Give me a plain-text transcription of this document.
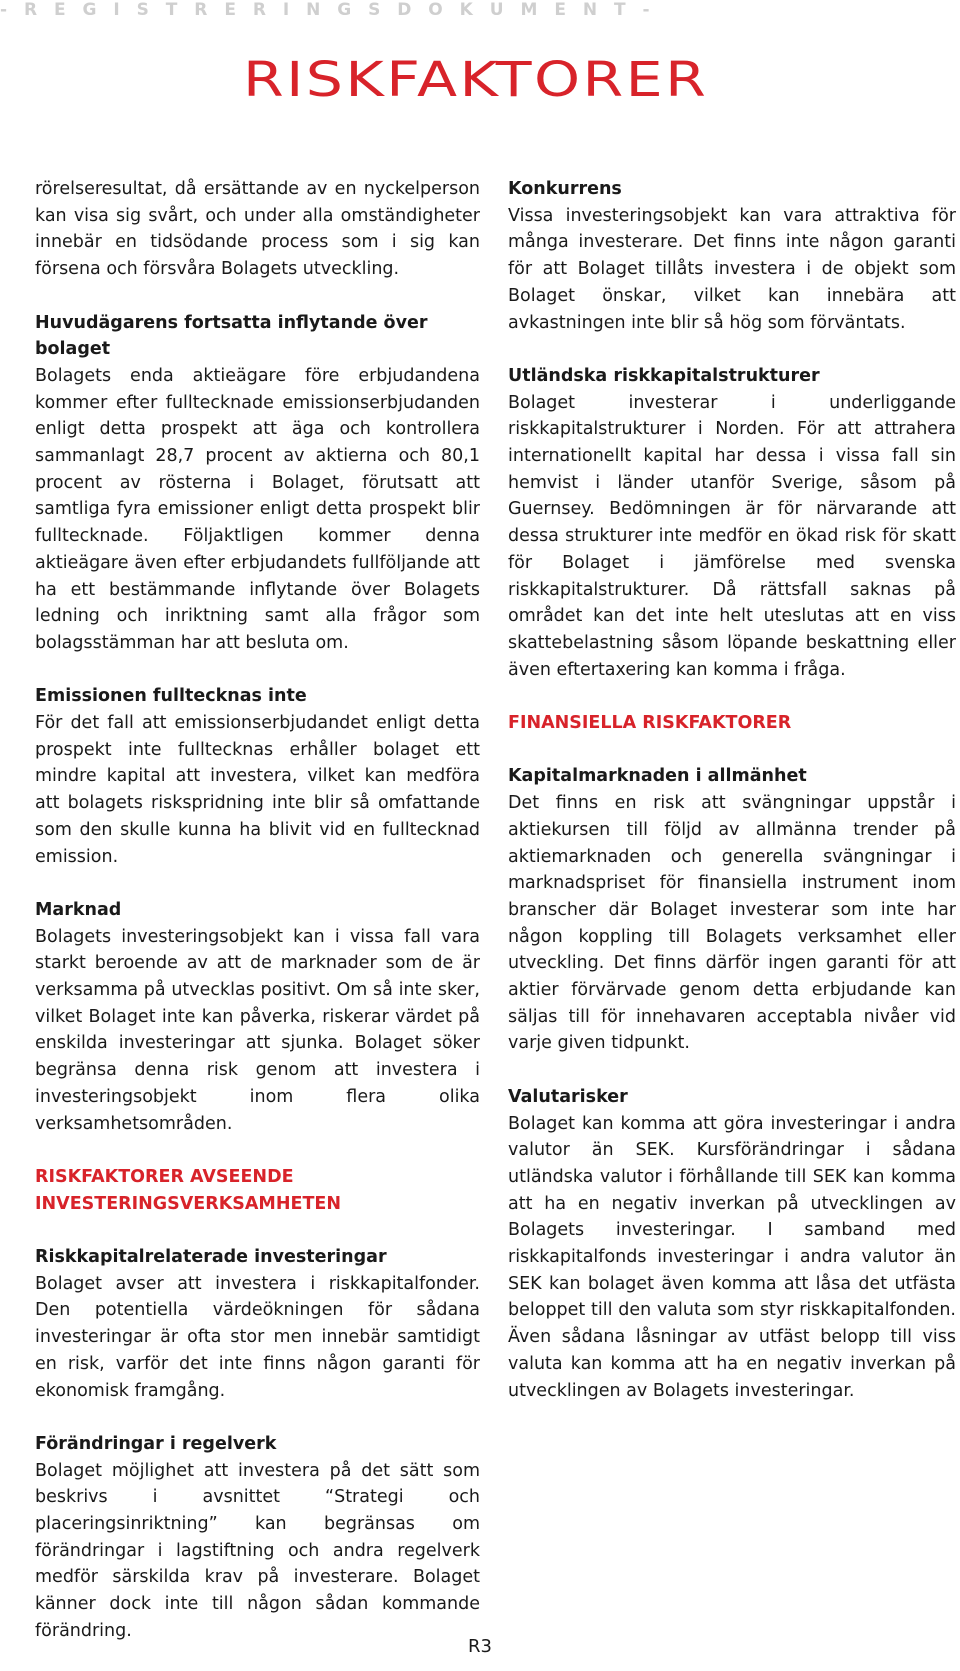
- R E G I S T R E R I N G S D O K U M E N T -
RISKFAKTORER

rörelseresultat, då ersättande av en nyckelperson kan visa sig svårt, och under alla omständigheter innebär en tidsödande process som i sig kan försena och försvåra Bolagets utveckling.

Huvudägarens fortsatta inflytande över bolaget

Bolagets enda aktieägare före erbjudandena kommer efter fulltecknade emissionserbjudanden enligt detta prospekt att äga och kontrollera sammanlagt 28,7 procent av aktierna och 80,1 procent av rösterna i Bolaget, förutsatt att samtliga fyra emissioner enligt detta prospekt blir fulltecknade. Följaktligen kommer denna aktieägare även efter erbjudandets fullföljande att ha ett bestämmande inflytande över Bolagets ledning och inriktning samt alla frågor som bolagsstämman har att besluta om.

Emissionen fulltecknas inte

För det fall att emissionserbjudandet enligt detta prospekt inte fulltecknas erhåller bolaget ett mindre kapital att investera, vilket kan medföra att bolagets riskspridning inte blir så omfattande som den skulle kunna ha blivit vid en fulltecknad emission.

Marknad

Bolagets investeringsobjekt kan i vissa fall vara starkt beroende av att de marknader som de är verksamma på utvecklas positivt. Om så inte sker, vilket Bolaget inte kan påverka, riskerar värdet på enskilda investeringar att sjunka. Bolaget söker begränsa denna risk genom att investera i investeringsobjekt inom flera olika verksamhetsområden.

RISKFAKTORER AVSEENDE INVESTERINGSVERKSAMHETEN
Riskkapitalrelaterade investeringar

Bolaget avser att investera i riskkapitalfonder. Den potentiella värdeökningen för sådana investeringar är ofta stor men innebär samtidigt en risk, varför det inte finns någon garanti för ekonomisk framgång.

Förändringar i regelverk

Bolaget möjlighet att investera på det sätt som beskrivs i avsnittet “Strategi och placeringsinriktning” kan begränsas om förändringar i lagstiftning och andra regelverk medför särskilda krav på investerare. Bolaget känner dock inte till någon sådan kommande förändring.

Konkurrens

Vissa investeringsobjekt kan vara attraktiva för många investerare. Det finns inte någon garanti för att Bolaget tillåts investera i de objekt som Bolaget önskar, vilket kan innebära att avkastningen inte blir så hög som förväntats.

Utländska riskkapitalstrukturer

Bolaget investerar i underliggande riskkapitalstrukturer i Norden. För att attrahera internationellt kapital har dessa i vissa fall sin hemvist i länder utanför Sverige, såsom på Guernsey. Bedömningen är för närvarande att dessa strukturer inte medför en ökad risk för skatt för Bolaget i jämförelse med svenska riskkapitalstrukturer. Då rättsfall saknas på området kan det inte helt uteslutas att en viss skattebelastning såsom löpande beskattning eller även eftertaxering kan komma i fråga.

FINANSIELLA RISKFAKTORER
Kapitalmarknaden i allmänhet

Det finns en risk att svängningar uppstår i aktiekursen till följd av allmänna trender på aktiemarknaden och generella svängningar i marknadspriset för finansiella instrument inom branscher där Bolaget investerar som inte har någon koppling till Bolagets verksamhet eller utveckling. Det finns därför ingen garanti för att aktier förvärvade genom detta erbjudande kan säljas till för innehavaren acceptabla nivåer vid varje given tidpunkt.

Valutarisker

Bolaget kan komma att göra investeringar i andra valutor än SEK. Kursförändringar i sådana utländska valutor i förhållande till SEK kan komma att ha en negativ inverkan på utvecklingen av Bolagets investeringar. I samband med riskkapitalfonds investeringar i andra valutor än SEK kan bolaget även komma att låsa det utfästa beloppet till den valuta som styr riskkapitalfonden. Även sådana låsningar av utfäst belopp till viss valuta kan komma att ha en negativ inverkan på utvecklingen av Bolagets investeringar.

R3
